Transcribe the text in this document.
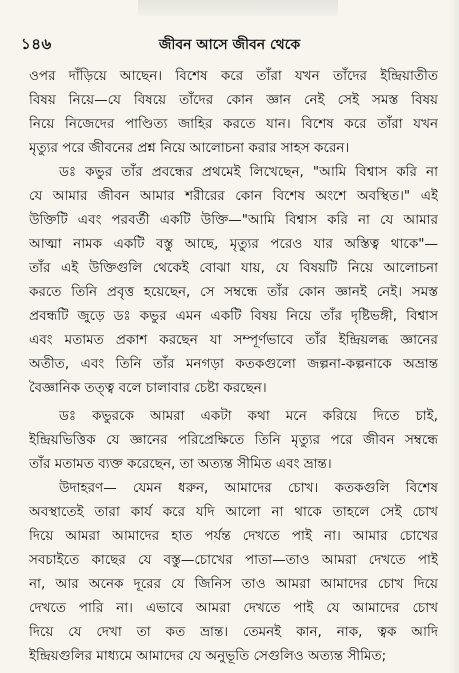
১৪৬	জীবন আসে জীবন থেকে
ওপর দাঁড়িয়ে আছেন। বিশেষ করে তাঁরা যখন তাঁদের ইন্দ্রিয়াতীত
বিষয় নিয়ে—যে বিষয়ে তাঁদের কোন জ্ঞান নেই সেই সমস্ত বিষয়
নিয়ে নিজেদের পাণ্ডিত্য জাহির করতে যান। বিশেষ করে তাঁরা যখন
মৃত্যুর পরে জীবনের প্রশ্ন নিয়ে আলোচনা করার সাহস করেন।
ডঃ কভুর তাঁর প্রবন্ধের প্রথমেই লিখেছেন, "আমি বিশ্বাস করি না
যে আমার জীবন আমার শরীরের কোন বিশেষ অংশে অবস্থিত।" এই
উক্তিটি এবং পরবর্তী একটি উক্তি—"আমি বিশ্বাস করি না যে আমার
আত্মা নামক একটি বস্তু আছে, মৃত্যুর পরেও যার অস্তিত্ব থাকে"—
তাঁর এই উক্তিগুলি থেকেই বোঝা যায়, যে বিষয়টি নিয়ে আলোচনা
করতে তিনি প্রবৃত্ত হয়েছেন, সে সম্বন্ধে তাঁর কোন জ্ঞানই নেই। সমস্ত
প্রবন্ধটি জুড়ে ডঃ কভুর এমন একটি বিষয় নিয়ে তাঁর দৃষ্টিভঙ্গী, বিশ্বাস
এবং মতামত প্রকাশ করছেন যা সম্পূর্ণভাবে তাঁর ইন্দ্রিয়লব্ধ জ্ঞানের
অতীত, এবং তিনি তাঁর মনগড়া কতকগুলো জল্পনা-কল্পনাকে অভ্রান্ত
বৈজ্ঞানিক তত্ত্ব বলে চালাবার চেষ্টা করছেন।
ডঃ কভুরকে আমরা একটা কথা মনে করিয়ে দিতে চাই,
ইন্দ্রিয়ভিত্তিক যে জ্ঞানের পরিপ্রেক্ষিতে তিনি মৃত্যুর পরে জীবন সম্বন্ধে
তাঁর মতামত ব্যক্ত করেছেন, তা অত্যন্ত সীমিত এবং ভ্রান্ত।
উদাহরণ— যেমন ধরুন, আমাদের চোখ। কতকগুলি বিশেষ
অবস্থাতেই তারা কার্য করে যদি আলো না থাকে তাহলে সেই চোখ
দিয়ে আমরা আমাদের হাত পর্যন্ত দেখতে পাই না। আমার চোখের
সবচাইতে কাছের যে বস্তু—চোখের পাতা—তাও আমরা দেখতে পাই
না, আর অনেক দূরের যে জিনিস তাও আমরা আমাদের চোখ দিয়ে
দেখতে পারি না। এভাবে আমরা দেখতে পাই যে আমাদের চোখ
দিয়ে যে দেখা তা কত ভ্রান্ত। তেমনই কান, নাক, ত্বক আদি
ইন্দ্রিয়গুলির মাধ্যমে আমাদের যে অনুভূতি সেগুলিও অত্যন্ত সীমিত;
